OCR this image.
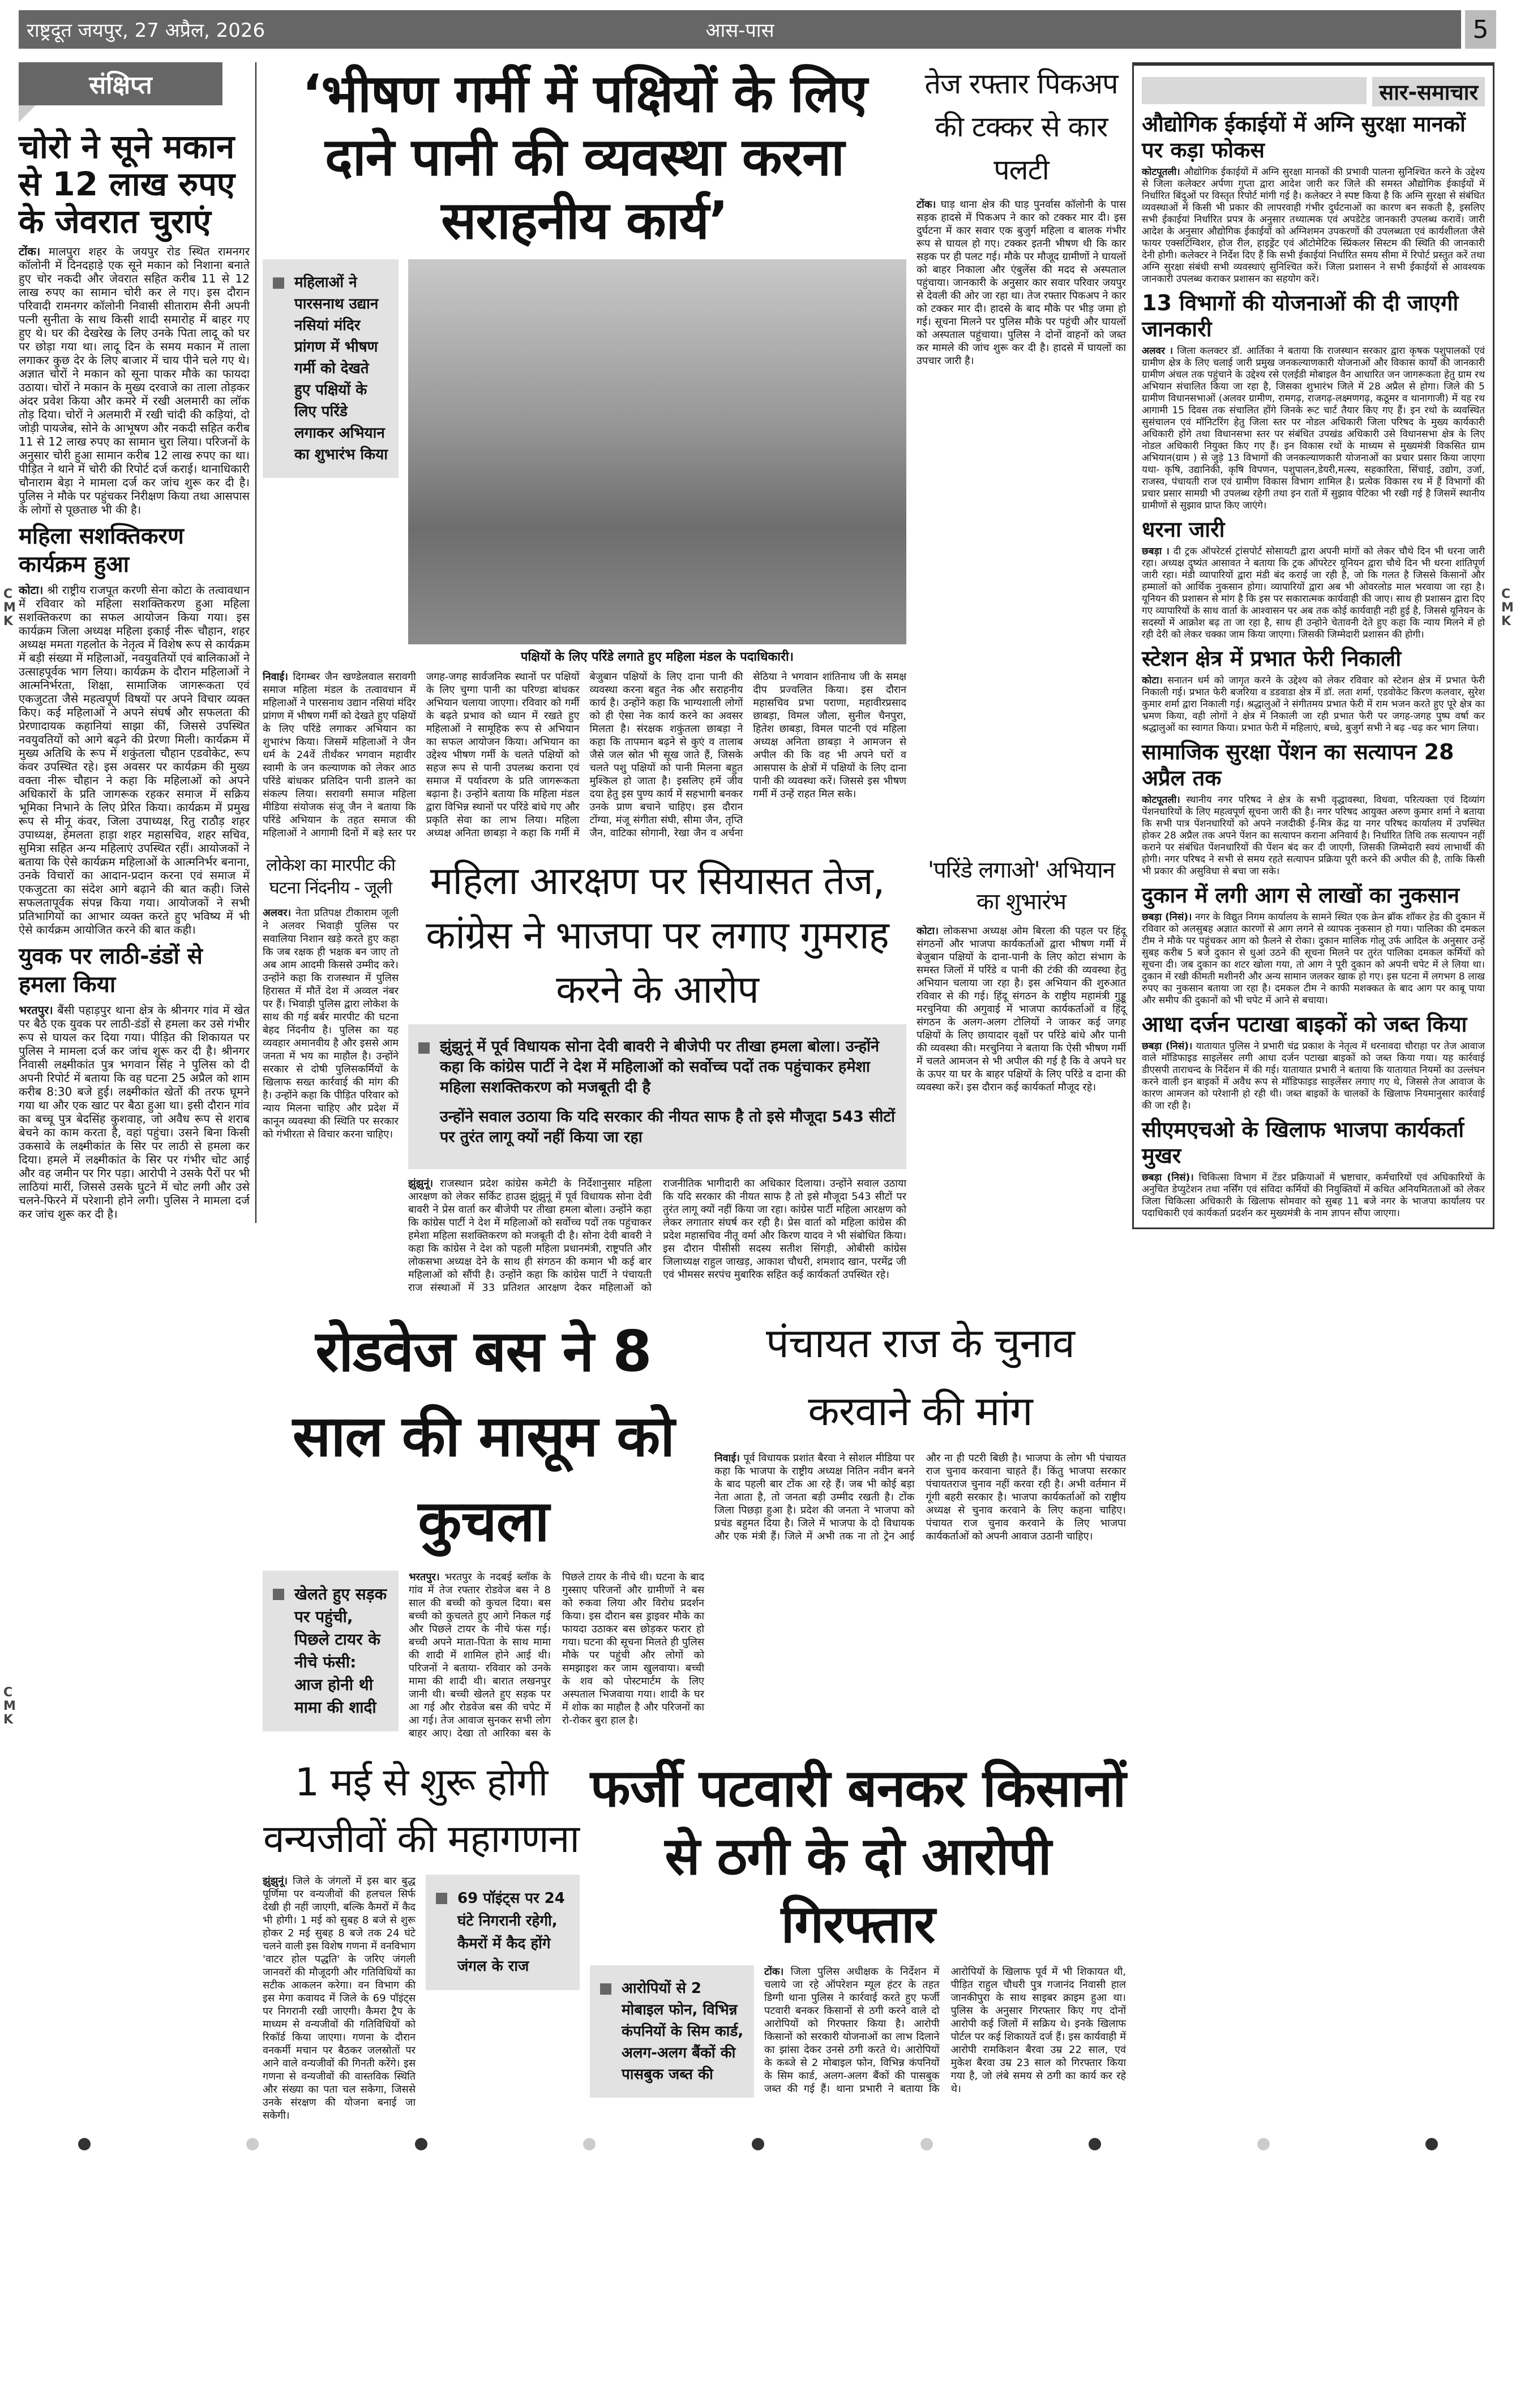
राष्ट्रदूत जयपुर, 27 अप्रैल, 2026	आस-पास	5
संक्षिप्त
चोरो ने सूने मकान से 12 लाख रुपए के जेवरात चुराएं

टोंक। मालपुरा शहर के जयपुर रोड स्थित रामनगर कॉलोनी में दिनदहाड़े एक सूने मकान को निशाना बनाते हुए चोर नकदी और जेवरात सहित करीब 11 से 12 लाख रुपए का सामान चोरी कर ले गए। इस दौरान परिवादी रामनगर कॉलोनी निवासी सीताराम सैनी अपनी पत्नी सुनीता के साथ किसी शादी समारोह में बाहर गए हुए थे। घर की देखरेख के लिए उनके पिता लादू को घर पर छोड़ा गया था। लादू दिन के समय मकान में ताला लगाकर कुछ देर के लिए बाजार में चाय पीने चले गए थे। अज्ञात चोरों ने मकान को सूना पाकर मौके का फायदा उठाया। चोरों ने मकान के मुख्य दरवाजे का ताला तोड़कर अंदर प्रवेश किया और कमरे में रखी अलमारी का लॉक तोड़ दिया। चोरों ने अलमारी में रखी चांदी की कड़ियां, दो जोड़ी पायजेब, सोने के आभूषण और नकदी सहित करीब 11 से 12 लाख रुपए का सामान चुरा लिया। परिजनों के अनुसार चोरी हुआ सामान करीब 12 लाख रुपए का था। पीड़ित ने थाने में चोरी की रिपोर्ट दर्ज कराई। थानाधिकारी चौनाराम बेड़ा ने मामला दर्ज कर जांच शुरू कर दी है। पुलिस ने मौके पर पहुंचकर निरीक्षण किया तथा आसपास के लोगों से पूछताछ भी की है।

महिला सशक्तिकरण कार्यक्रम हुआ

कोटा। श्री राष्ट्रीय राजपूत करणी सेना कोटा के तत्वावधान में रविवार को महिला सशक्तिकरण हुआ महिला सशक्तिकरण का सफल आयोजन किया गया। इस कार्यक्रम जिला अध्यक्ष महिला इकाई नीरू चौहान, शहर अध्यक्ष ममता गहलोत के नेतृत्व में विशेष रूप से कार्यक्रम में बड़ी संख्या में महिलाओं, नवयुवतियों एवं बालिकाओं ने उत्साहपूर्वक भाग लिया। कार्यक्रम के दौरान महिलाओं ने आत्मनिर्भरता, शिक्षा, सामाजिक जागरूकता एवं एकजुटता जैसे महत्वपूर्ण विषयों पर अपने विचार व्यक्त किए। कई महिलाओं ने अपने संघर्ष और सफलता की प्रेरणादायक कहानियां साझा कीं, जिससे उपस्थित नवयुवतियों को आगे बढ़ने की प्रेरणा मिली। कार्यक्रम में मुख्य अतिथि के रूप में शकुंतला चौहान एडवोकेट, रूप कंवर उपस्थित रहे। इस अवसर पर कार्यक्रम की मुख्य वक्ता नीरू चौहान ने कहा कि महिलाओं को अपने अधिकारों के प्रति जागरूक रहकर समाज में सक्रिय भूमिका निभाने के लिए प्रेरित किया। कार्यक्रम में प्रमुख रूप से मीनू कंवर, जिला उपाध्यक्ष, रितु राठौड़ शहर उपाध्यक्ष, हेमलता हाड़ा शहर महासचिव, शहर सचिव, सुमित्रा सहित अन्य महिलाएं उपस्थित रहीं। आयोजकों ने बताया कि ऐसे कार्यक्रम महिलाओं के आत्मनिर्भर बनाना, उनके विचारों का आदान-प्रदान करना एवं समाज में एकजुटता का संदेश आगे बढ़ाने की बात कही। जिसे सफलतापूर्वक संपन्न किया गया। आयोजकों ने सभी प्रतिभागियों का आभार व्यक्त करते हुए भविष्य में भी ऐसे कार्यक्रम आयोजित करने की बात कही।

युवक पर लाठी-डंडों से हमला किया

भरतपुर। बैंसी पहाड़पुर थाना क्षेत्र के श्रीनगर गांव में खेत पर बैठे एक युवक पर लाठी-डंडों से हमला कर उसे गंभीर रूप से घायल कर दिया गया। पीड़ित की शिकायत पर पुलिस ने मामला दर्ज कर जांच शुरू कर दी है। श्रीनगर निवासी लक्ष्मीकांत पुत्र भगवान सिंह ने पुलिस को दी अपनी रिपोर्ट में बताया कि वह घटना 25 अप्रैल को शाम करीब 8:30 बजे हुई। लक्ष्मीकांत खेतों की तरफ घूमने गया था और एक खाट पर बैठा हुआ था। इसी दौरान गांव का बच्चू पुत्र बेदसिंह कुशवाह, जो अवैध रूप से शराब बेचने का काम करता है, वहां पहुंचा। उसने बिना किसी उकसावे के लक्ष्मीकांत के सिर पर लाठी से हमला कर दिया। हमले में लक्ष्मीकांत के सिर पर गंभीर चोट आई और वह जमीन पर गिर पड़ा। आरोपी ने उसके पैरों पर भी लाठियां मारीं, जिससे उसके घुटने में चोट लगी और उसे चलने-फिरने में परेशानी होने लगी। पुलिस ने मामला दर्ज कर जांच शुरू कर दी है।

‘भीषण गर्मी में पक्षियों के लिए दाने पानी की व्यवस्था करना सराहनीय कार्य’
महिलाओं ने पारसनाथ उद्यान नसियां मंदिर प्रांगण में भीषण गर्मी को देखते हुए पक्षियों के लिए परिंडे लगाकर अभियान का शुभारंभ किया
पक्षियों के लिए परिंडे लगाते हुए महिला मंडल के पदाधिकारी।

निवाई। दिगम्बर जैन खण्डेलवाल सरावगी समाज महिला मंडल के तत्वावधान में महिलाओं ने पारसनाथ उद्यान नसियां मंदिर प्रांगण में भीषण गर्मी को देखते हुए पक्षियों के लिए परिंडे लगाकर अभियान का शुभारंभ किया। जिसमें महिलाओं ने जैन धर्म के 24वें तीर्थंकर भगवान महावीर स्वामी के जन कल्याणक को लेकर आठ परिंडे बांधकर प्रतिदिन पानी डालने का संकल्प लिया। सरावगी समाज महिला मीडिया संयोजक संजू जैन ने बताया कि परिंडे अभियान के तहत समाज की महिलाओं ने आगामी दिनों में बड़े स्तर पर जगह-जगह सार्वजनिक स्थानों पर पक्षियों के लिए चुग्गा पानी का परिण्डा बांधकर अभियान चलाया जाएगा। रविवार को गर्मी के बढ़ते प्रभाव को ध्यान में रखते हुए महिलाओं ने सामूहिक रूप से अभियान का सफल आयोजन किया। अभियान का उद्देश्य भीषण गर्मी के चलते पक्षियों को सहज रूप से पानी उपलब्ध कराना एवं समाज में पर्यावरण के प्रति जागरूकता बढ़ाना है। उन्होंने बताया कि महिला मंडल द्वारा विभिन्न स्थानों पर परिंडे बांधे गए और प्रकृति सेवा का लाभ लिया। महिला अध्यक्ष अनिता छाबड़ा ने कहा कि गर्मी में बेजुबान पक्षियों के लिए दाना पानी की व्यवस्था करना बहुत नेक और सराहनीय कार्य है। उन्होंने कहा कि भाग्यशाली लोगों को ही ऐसा नेक कार्य करने का अवसर मिलता है। संरक्षक शकुंतला छाबड़ा ने कहा कि तापमान बढ़ने से कुएं व तालाब जैसे जल स्रोत भी सूख जाते हैं, जिसके चलते पशु पक्षियों को पानी मिलना बहुत मुश्किल हो जाता है। इसलिए हमें जीव दया हेतु इस पुण्य कार्य में सहभागी बनकर उनके प्राण बचाने चाहिए। इस दौरान टोंग्या, मंजू संगीता संघी, सीमा जैन, तृप्ति जैन, वाटिका सोगानी, रेखा जैन व अर्चना सेठिया ने भगवान शांतिनाथ जी के समक्ष दीप प्रज्वलित किया। इस दौरान महासचिव प्रभा पराणा, महावीरप्रसाद छाबड़ा, विमल जौला, सुनील चैनपुरा, हितेश छाबड़ा, विमल पाटनी एवं महिला अध्यक्ष अनिता छाबड़ा ने आमजन से अपील की कि वह भी अपने घरों व आसपास के क्षेत्रों में पक्षियों के लिए दाना पानी की व्यवस्था करें। जिससे इस भीषण गर्मी में उन्हें राहत मिल सके।

तेज रफ्तार पिकअप की टक्कर से कार पलटी

टोंक। घाड़ थाना क्षेत्र की घाड़ पुनर्वास कॉलोनी के पास सड़क हादसे में पिकअप ने कार को टक्कर मार दी। इस दुर्घटना में कार सवार एक बुजुर्ग महिला व बालक गंभीर रूप से घायल हो गए। टक्कर इतनी भीषण थी कि कार सड़क पर ही पलट गई। मौके पर मौजूद ग्रामीणों ने घायलों को बाहर निकाला और एंबुलेंस की मदद से अस्पताल पहुंचाया। जानकारी के अनुसार कार सवार परिवार जयपुर से देवली की ओर जा रहा था। तेज रफ्तार पिकअप ने कार को टक्कर मार दी। हादसे के बाद मौके पर भीड़ जमा हो गई। सूचना मिलने पर पुलिस मौके पर पहुंची और घायलों को अस्पताल पहुंचाया। पुलिस ने दोनों वाहनों को जब्त कर मामले की जांच शुरू कर दी है। हादसे में घायलों का उपचार जारी है।

लोकेश का मारपीट की घटना निंदनीय - जूली

अलवर। नेता प्रतिपक्ष टीकाराम जूली ने अलवर भिवाड़ी पुलिस पर सवालिया निशान खड़े करते हुए कहा कि जब रक्षक ही भक्षक बन जाए तो अब आम आदमी किससे उम्मीद करे। उन्होंने कहा कि राजस्थान में पुलिस हिरासत में मौतें देश में अव्वल नंबर पर हैं। भिवाड़ी पुलिस द्वारा लोकेश के साथ की गई बर्बर मारपीट की घटना बेहद निंदनीय है। पुलिस का यह व्यवहार अमानवीय है और इससे आम जनता में भय का माहौल है। उन्होंने सरकार से दोषी पुलिसकर्मियों के खिलाफ सख्त कार्रवाई की मांग की है। उन्होंने कहा कि पीड़ित परिवार को न्याय मिलना चाहिए और प्रदेश में कानून व्यवस्था की स्थिति पर सरकार को गंभीरता से विचार करना चाहिए।

महिला आरक्षण पर सियासत तेज, कांग्रेस ने भाजपा पर लगाए गुमराह करने के आरोप

झुंझुनूं में पूर्व विधायक सोना देवी बावरी ने बीजेपी पर तीखा हमला बोला। उन्होंने कहा कि कांग्रेस पार्टी ने देश में महिलाओं को सर्वोच्च पदों तक पहुंचाकर हमेशा महिला सशक्तिकरण को मजबूती दी है

उन्होंने सवाल उठाया कि यदि सरकार की नीयत साफ है तो इसे मौजूदा 543 सीटों पर तुरंत लागू क्यों नहीं किया जा रहा

झुंझुनूं। राजस्थान प्रदेश कांग्रेस कमेटी के निर्देशानुसार महिला आरक्षण को लेकर सर्किट हाउस झुंझुनूं में पूर्व विधायक सोना देवी बावरी ने प्रेस वार्ता कर बीजेपी पर तीखा हमला बोला। उन्होंने कहा कि कांग्रेस पार्टी ने देश में महिलाओं को सर्वोच्च पदों तक पहुंचाकर हमेशा महिला सशक्तिकरण को मजबूती दी है। सोना देवी बावरी ने कहा कि कांग्रेस ने देश को पहली महिला प्रधानमंत्री, राष्ट्रपति और लोकसभा अध्यक्ष देने के साथ ही संगठन की कमान भी कई बार महिलाओं को सौंपी है। उन्होंने कहा कि कांग्रेस पार्टी ने पंचायती राज संस्थाओं में 33 प्रतिशत आरक्षण देकर महिलाओं को राजनीतिक भागीदारी का अधिकार दिलाया। उन्होंने सवाल उठाया कि यदि सरकार की नीयत साफ है तो इसे मौजूदा 543 सीटों पर तुरंत लागू क्यों नहीं किया जा रहा। कांग्रेस पार्टी महिला आरक्षण को लेकर लगातार संघर्ष कर रही है। प्रेस वार्ता को महिला कांग्रेस की प्रदेश महासचिव नीतू वर्मा और किरण यादव ने भी संबोधित किया। इस दौरान पीसीसी सदस्य सतीश सिंगड़ी, ओबीसी कांग्रेस जिलाध्यक्ष राहुल जाखड़, आकाश चौधरी, शमशाद खान, परमेंद्र जी एवं भीमसर सरपंच मुबारिक सहित कई कार्यकर्ता उपस्थित रहे।

'परिंडे लगाओ' अभियान का शुभारंभ

कोटा। लोकसभा अध्यक्ष ओम बिरला की पहल पर हिंदू संगठनों और भाजपा कार्यकर्ताओं द्वारा भीषण गर्मी में बेजुबान पक्षियों के दाना-पानी के लिए कोटा संभाग के समस्त जिलों में परिंडे व पानी की टंकी की व्यवस्था हेतु अभियान चलाया जा रहा है। इस अभियान की शुरुआत रविवार से की गई। हिंदू संगठन के राष्ट्रीय महामंत्री गुड्डू मरचुनिया की अगुवाई में भाजपा कार्यकर्ताओं व हिंदू संगठन के अलग-अलग टोलियों ने जाकर कई जगह पक्षियों के लिए छायादार वृक्षों पर परिंडे बांधे और पानी की व्यवस्था की। मरचुनिया ने बताया कि ऐसी भीषण गर्मी में चलते आमजन से भी अपील की गई है कि वे अपने घर के ऊपर या घर के बाहर पक्षियों के लिए परिंडे व दाना की व्यवस्था करें। इस दौरान कई कार्यकर्ता मौजूद रहे।

रोडवेज बस ने 8 साल की मासूम को कुचला
खेलते हुए सड़क पर पहुंची, पिछले टायर के नीचे फंसी: आज होनी थी मामा की शादी

भरतपुर। भरतपुर के नदबई ब्लॉक के गांव में तेज रफ्तार रोडवेज बस ने 8 साल की बच्ची को कुचल दिया। बस बच्ची को कुचलते हुए आगे निकल गई और पिछले टायर के नीचे फंस गई। बच्ची अपने माता-पिता के साथ मामा की शादी में शामिल होने आई थी। परिजनों ने बताया- रविवार को उनके मामा की शादी थी। बारात लखनपुर जानी थी। बच्ची खेलते हुए सड़क पर आ गई और रोडवेज बस की चपेट में आ गई। तेज आवाज सुनकर सभी लोग बाहर आए। देखा तो आरिका बस के पिछले टायर के नीचे थी। घटना के बाद गुस्साए परिजनों और ग्रामीणों ने बस को रुकवा लिया और विरोध प्रदर्शन किया। इस दौरान बस ड्राइवर मौके का फायदा उठाकर बस छोड़कर फरार हो गया। घटना की सूचना मिलते ही पुलिस मौके पर पहुंची और लोगों को समझाइश कर जाम खुलवाया। बच्ची के शव को पोस्टमार्टम के लिए अस्पताल भिजवाया गया। शादी के घर में शोक का माहौल है और परिजनों का रो-रोकर बुरा हाल है।

पंचायत राज के चुनाव करवाने की मांग

निवाई। पूर्व विधायक प्रशांत बैरवा ने सोशल मीडिया पर कहा कि भाजपा के राष्ट्रीय अध्यक्ष नितिन नवीन बनने के बाद पहली बार टोंक आ रहे हैं। जब भी कोई बड़ा नेता आता है, तो जनता बड़ी उम्मीद रखती है। टोंक जिला पिछड़ा हुआ है। प्रदेश की जनता ने भाजपा को प्रचंड बहुमत दिया है। जिले में भाजपा के दो विधायक और एक मंत्री हैं। जिले में अभी तक ना तो ट्रेन आई और ना ही पटरी बिछी है। भाजपा के लोग भी पंचायत राज चुनाव करवाना चाहते हैं। किंतु भाजपा सरकार पंचायतराज चुनाव नहीं करवा रही है। अभी वर्तमान में गूंगी बहरी सरकार है। भाजपा कार्यकर्ताओं को राष्ट्रीय अध्यक्ष से चुनाव करवाने के लिए कहना चाहिए। पंचायत राज चुनाव करवाने के लिए भाजपा कार्यकर्ताओं को अपनी आवाज उठानी चाहिए।

1 मई से शुरू होगी वन्यजीवों की महागणना

झुंझुनूं। जिले के जंगलों में इस बार बुद्ध पूर्णिमा पर वन्यजीवों की हलचल सिर्फ देखी ही नहीं जाएगी, बल्कि कैमरों में कैद भी होगी। 1 मई को सुबह 8 बजे से शुरू होकर 2 मई सुबह 8 बजे तक 24 घंटे चलने वाली इस विशेष गणना में वनविभाग 'वाटर होल पद्धति' के जरिए जंगली जानवरों की मौजूदगी और गतिविधियों का सटीक आकलन करेगा। वन विभाग की इस मेगा कवायद में जिले के 69 पॉइंट्स पर निगरानी रखी जाएगी। कैमरा ट्रैप के माध्यम से वन्यजीवों की गतिविधियों को रिकॉर्ड किया जाएगा। गणना के दौरान वनकर्मी मचान पर बैठकर जलस्रोतों पर आने वाले वन्यजीवों की गिनती करेंगे। इस गणना से वन्यजीवों की वास्तविक स्थिति और संख्या का पता चल सकेगा, जिससे उनके संरक्षण की योजना बनाई जा सकेगी।

69 पॉइंट्स पर 24 घंटे निगरानी रहेगी, कैमरों में कैद होंगे जंगल के राज
फर्जी पटवारी बनकर किसानों से ठगी के दो आरोपी गिरफ्तार
आरोपियों से 2 मोबाइल फोन, विभिन्न कंपनियों के सिम कार्ड, अलग-अलग बैंकों की पासबुक जब्त की

टोंक। जिला पुलिस अधीक्षक के निर्देशन में चलाये जा रहे ऑपरेशन म्यूल हंटर के तहत डिग्गी थाना पुलिस ने कार्रवाई करते हुए फर्जी पटवारी बनकर किसानों से ठगी करने वाले दो आरोपियों को गिरफ्तार किया है। आरोपी किसानों को सरकारी योजनाओं का लाभ दिलाने का झांसा देकर उनसे ठगी करते थे। आरोपियों के कब्जे से 2 मोबाइल फोन, विभिन्न कंपनियों के सिम कार्ड, अलग-अलग बैंकों की पासबुक जब्त की गई हैं। थाना प्रभारी ने बताया कि आरोपियों के खिलाफ पूर्व में भी शिकायत थी, पीड़ित राहुल चौधरी पुत्र गजानंद निवासी हाल जानकीपुरा के साथ साइबर क्राइम हुआ था। पुलिस के अनुसार गिरफ्तार किए गए दोनों आरोपी कई जिलों में सक्रिय थे। इनके खिलाफ पोर्टल पर कई शिकायतें दर्ज हैं। इस कार्यवाही में आरोपी रामकिशन बैरवा उम्र 22 साल, एवं मुकेश बैरवा उम्र 23 साल को गिरफ्तार किया गया है, जो लंबे समय से ठगी का कार्य कर रहे थे।

सार-समाचार
औद्योगिक ईकाईयों में अग्नि सुरक्षा मानकों पर कड़ा फोकस

कोटपूतली। औद्योगिक ईकाईयों में अग्नि सुरक्षा मानकों की प्रभावी पालना सुनिश्चित करने के उद्देश्य से जिला कलेक्टर अर्पणा गुप्ता द्वारा आदेश जारी कर जिले की समस्त औद्योगिक ईकाईयों में निर्धारित बिंदुओं पर विस्तृत रिपोर्ट मांगी गई है। कलेक्टर ने स्पष्ट किया है कि अग्नि सुरक्षा से संबंधित व्यवस्थाओं में किसी भी प्रकार की लापरवाही गंभीर दुर्घटनाओं का कारण बन सकती है, इसलिए सभी ईकाईयां निर्धारित प्रपत्र के अनुसार तथ्यात्मक एवं अपडेटेड जानकारी उपलब्ध करावें। जारी आदेश के अनुसार औद्योगिक ईकाईयों को अग्निशमन उपकरणों की उपलब्धता एवं कार्यशीलता जैसे फायर एक्सटिंग्विशर, होज रील, हाइड्रेंट एवं ऑटोमेटिक स्प्रिंकलर सिस्टम की स्थिति की जानकारी देनी होगी। कलेक्टर ने निर्देश दिए हैं कि सभी ईकाईयां निर्धारित समय सीमा में रिपोर्ट प्रस्तुत करें तथा अग्नि सुरक्षा संबंधी सभी व्यवस्थाएं सुनिश्चित करें। जिला प्रशासन ने सभी ईकाईयों से आवश्यक जानकारी उपलब्ध कराकर प्रशासन का सहयोग करें।

13 विभागों की योजनाओं की दी जाएगी जानकारी

अलवर । जिला कलक्टर डॉ. आर्तिका ने बताया कि राजस्थान सरकार द्वारा कृषक पशुपालकों एवं ग्रामीण क्षेत्र के लिए चलाई जारी प्रमुख जनकल्याणकारी योजनाओं और विकास कार्यों की जानकारी ग्रामीण अंचल तक पहुंचाने के उद्देश्य रसे एलईडी मोबाइल वैन आधारित जन जागरूकता हेतु ग्राम रथ अभियान संचालित किया जा रहा है, जिसका शुभारंभ जिले में 28 अप्रैल से होगा। जिले की 5 ग्रामीण विधानसभाओं (अलवर ग्रामीण, रामगढ़, राजगढ़-लक्ष्मणगढ़, कठूमर व थानागाजी) में यह रथ आगामी 15 दिवस तक संचालित होंगे जिनके रूट चार्ट तैयार किए गए हैं। इन रथो के व्यवस्थित सुसंचालन एवं मॉनिटरिंग हेतु जिला स्तर पर नोडल अधिकारी जिला परिषद के मुख्य कार्यकारी अधिकारी होंगे तथा विधानसभा स्तर पर संबंधित उपखंड अधिकारी उसे विधानसभा क्षेत्र के लिए नोडल अधिकारी नियुक्त किए गए हैं। इन विकास रथों के माध्यम से मुख्यमंत्री विकसित ग्राम अभियान(ग्राम ) से जुड़े 13 विभागों की जनकल्याणकारी योजनाओं का प्रचार प्रसार किया जाएगा यथा- कृषि, उद्यानिकी, कृषि विपणन, पशुपालन,डेयरी,मत्स्य, सहकारिता, सिंचाई, उद्योग, उर्जा, राजस्व, पंचायती राज एवं ग्रामीण विकास विभाग शामिल है। प्रत्येक विकास रथ में हैं विभागों की प्रचार प्रसार सामग्री भी उपलब्ध रहेगी तथा इन रातों में सुझाव पेटिका भी रखी गई है जिसमें स्थानीय ग्रामीणों से सुझाव प्राप्त किए जाएंगे।

धरना जारी

छबड़ा । दी ट्रक ऑपरेटर्स ट्रांसपोर्ट सोसायटी द्वारा अपनी मांगों को लेकर चौथे दिन भी धरना जारी रहा। अध्यक्ष दुष्यंत आसावत ने बताया कि ट्रक ऑपरेटर यूनियन द्वारा चौथे दिन भी धरना शांतिपूर्ण जारी रहा। मंडी व्यापारियों द्वारा मंडी बंद कराई जा रही है, जो कि गलत है जिससे किसानों और हम्मालों को आर्थिक नुकसान होगा। व्यापारियों द्वारा अब भी ओवरलोड माल भरवाया जा रहा है। यूनियन की प्रशासन से मांग है कि इस पर सकारात्मक कार्यवाही की जाए। साथ ही प्रशासन द्वारा दिए गए व्यापारियों के साथ वार्ता के आश्वासन पर अब तक कोई कार्यवाही नही हुई है, जिससे यूनियन के सदस्यों में आक्रोश बढ़ ता जा रहा है, साथ ही उन्होने चेतावनी देते हुए कहा कि न्याय मिलने में हो रही देरी को लेकर चक्का जाम किया जाएगा। जिसकी जिम्मेदारी प्रशासन की होगी।

स्टेशन क्षेत्र में प्रभात फेरी निकाली

कोटा। सनातन धर्म को जागृत करने के उद्देश्य को लेकर रविवार को स्टेशन क्षेत्र में प्रभात फेरी निकाली गई। प्रभात फेरी बजरिया व डडवाडा क्षेत्र में डॉ. लता शर्मा, एडवोकेट किरण कलवार, सुरेश कुमार शर्मा द्वारा निकाली गई। श्रद्धालुओं ने संगीतमय प्रभात फेरी में राम भजन करते हुए पूरे क्षेत्र का भ्रमण किया, वही लोगों ने क्षेत्र में निकाली जा रही प्रभात फेरी पर जगह-जगह पुष्प वर्षा कर श्रद्धालुओं का स्वागत किया। प्रभात फेरी में महिलाएं, बच्चे, बुजुर्ग सभी ने बढ़ -चढ़ कर भाग लिया।

सामाजिक सुरक्षा पेंशन का सत्यापन 28 अप्रैल तक

कोटपूतली। स्थानीय नगर परिषद ने क्षेत्र के सभी वृद्धावस्था, विधवा, परित्यक्ता एवं दिव्यांग पेंशनधारियों के लिए महत्वपूर्ण सूचना जारी की है। नगर परिषद आयुक्त अरुण कुमार शर्मा ने बताया कि सभी पात्र पेंशनधारियों को अपने नजदीकी ई-मित्र केंद्र या नगर परिषद कार्यालय में उपस्थित होकर 28 अप्रैल तक अपने पेंशन का सत्यापन कराना अनिवार्य है। निर्धारित तिथि तक सत्यापन नहीं कराने पर संबंधित पेंशनधारियों की पेंशन बंद कर दी जाएगी, जिसकी जिम्मेदारी स्वयं लाभार्थी की होगी। नगर परिषद ने सभी से समय रहते सत्यापन प्रक्रिया पूरी करने की अपील की है, ताकि किसी भी प्रकार की असुविधा से बचा जा सके।

दुकान में लगी आग से लाखों का नुकसान

छबड़ा (निसं)। नगर के विद्युत निगम कार्यालय के सामने स्थित एक क्रेन ब्रॉक शॉकर हेड की दुकान में रविवार को अलसुबह अज्ञात कारणों से आग लगने से व्यापक नुकसान हो गया। पालिका की दमकल टीम ने मौके पर पहुंचकर आग को फ़ैलने से रोका। दुकान मालिक गोलू उर्फ आदिल के अनुसार उन्हें सुबह करीब 5 बजे दुकान से धुआं उठने की सूचना मिलने पर तुरंत पालिका दमकल कर्मियों को सूचना दी। जब दुकान का शटर खोला गया, तो आग ने पूरी दुकान को अपनी चपेट में ले लिया था। दुकान में रखी कीमती मशीनरी और अन्य सामान जलकर खाक हो गए। इस घटना में लगभग 8 लाख रुपए का नुकसान बताया जा रहा है। दमकल टीम ने काफी मशक्कत के बाद आग पर काबू पाया और समीप की दुकानों को भी चपेट में आने से बचाया।

आधा दर्जन पटाखा बाइकों को जब्त किया

छबड़ा (निसं)। यातायात पुलिस ने प्रभारी चंद्र प्रकाश के नेतृत्व में धरनावदा चौराहा पर तेज आवाज वाले मॉडिफाइड साइलेंसर लगी आधा दर्जन पटाखा बाइकों को जब्त किया गया। यह कार्रवाई डीएसपी ताराचन्द के निर्देशन में की गई। यातायात प्रभारी ने बताया कि यातायात नियमों का उल्लंघन करने वाली इन बाइकों में अवैध रूप से मॉडिफाइड साइलेंसर लगाए गए थे, जिससे तेज आवाज के कारण आमजन को परेशानी हो रही थी। जब्त बाइकों के चालकों के खिलाफ नियमानुसार कार्रवाई की जा रही है।

सीएमएचओ के खिलाफ भाजपा कार्यकर्ता मुखर

छबड़ा (निसं)। चिकित्सा विभाग में टेंडर प्रक्रियाओं में भ्रष्टाचार, कर्मचारियों एवं अधिकारियों के अनुचित डेप्युटेशन तथा नर्सिंग एवं संविदा कर्मियों की नियुक्तियों में कथित अनियमितताओं को लेकर जिला चिकित्सा अधिकारी के खिलाफ सोमवार को सुबह 11 बजे नगर के भाजपा कार्यालय पर पदाधिकारी एवं कार्यकर्ता प्रदर्शन कर मुख्यमंत्री के नाम ज्ञापन सौंपा जाएगा।

C
M
K
C
M
K
C
M
K
